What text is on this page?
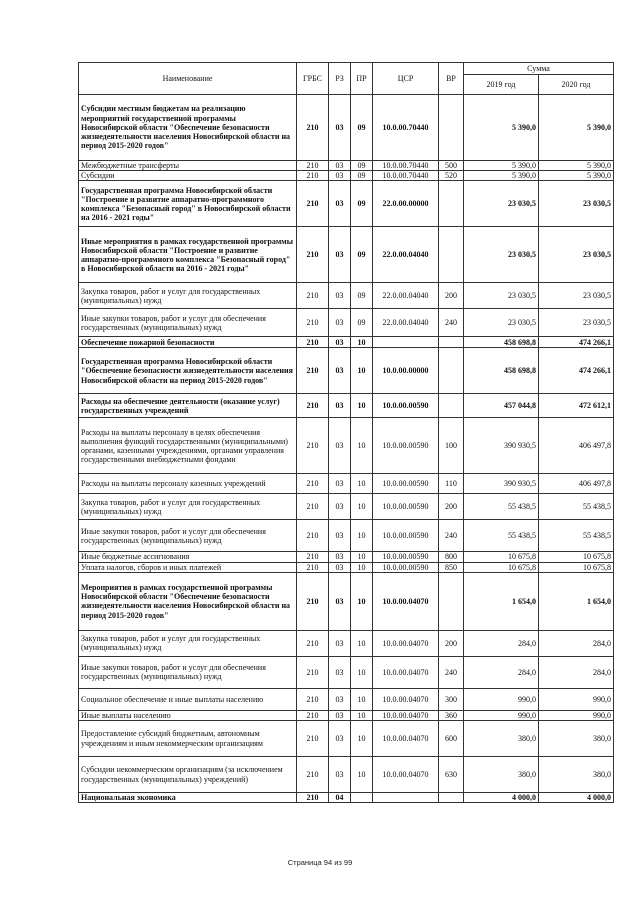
Наименование	ГРБС	РЗ	ПР	ЦСР	ВР	Сумма	
						2019 год	2020 год
Субсидии местным бюджетам на реализацию мероприятий государственной программы Новосибирской области "Обеспечение безопасности жизнедеятельности населения Новосибирской области на период 2015-2020 годов"	210	03	09	10.0.00.70440		5 390,0	5 390,0
Межбюджетные трансферты	210	03	09	10.0.00.70440	500	5 390,0	5 390,0
Субсидии	210	03	09	10.0.00.70440	520	5 390,0	5 390,0
Государственная программа Новосибирской области "Построение и развитие аппаратно-программного комплекса "Безопасный город" в Новосибирской области на 2016 - 2021 годы"	210	03	09	22.0.00.00000		23 030,5	23 030,5
Иные мероприятия в рамках государственной программы Новосибирской области "Построение и развитие аппаратно-программного комплекса "Безопасный город" в Новосибирской области на 2016 - 2021 годы"	210	03	09	22.0.00.04040		23 030,5	23 030,5
Закупка товаров, работ и услуг для государственных (муниципальных) нужд	210	03	09	22.0.00.04040	200	23 030,5	23 030,5
Иные закупки товаров, работ и услуг для обеспечения государственных (муниципальных) нужд	210	03	09	22.0.00.04040	240	23 030,5	23 030,5
Обеспечение пожарной безопасности	210	03	10			458 698,8	474 266,1
Государственная программа Новосибирской области "Обеспечение безопасности жизнедеятельности населения Новосибирской области на период 2015-2020 годов"	210	03	10	10.0.00.00000		458 698,8	474 266,1
Расходы на обеспечение деятельности (оказание услуг) государственных учреждений	210	03	10	10.0.00.00590		457 044,8	472 612,1
Расходы на выплаты персоналу в целях обеспечения выполнения функций государственными (муниципальными) органами, казенными учреждениями, органами управления государственными внебюджетными фондами	210	03	10	10.0.00.00590	100	390 930,5	406 497,8
Расходы на выплаты персоналу казенных учреждений	210	03	10	10.0.00.00590	110	390 930,5	406 497,8
Закупка товаров, работ и услуг для государственных (муниципальных) нужд	210	03	10	10.0.00.00590	200	55 438,5	55 438,5
Иные закупки товаров, работ и услуг для обеспечения государственных (муниципальных) нужд	210	03	10	10.0.00.00590	240	55 438,5	55 438,5
Иные бюджетные ассигнования	210	03	10	10.0.00.00590	800	10 675,8	10 675,8
Уплата налогов, сборов и иных платежей	210	03	10	10.0.00.00590	850	10 675,8	10 675,8
Мероприятия в рамках государственной программы Новосибирской области "Обеспечение безопасности жизнедеятельности населения Новосибирской области на период 2015-2020 годов"	210	03	10	10.0.00.04070		1 654,0	1 654,0
Закупка товаров, работ и услуг для государственных (муниципальных) нужд	210	03	10	10.0.00.04070	200	284,0	284,0
Иные закупки товаров, работ и услуг для обеспечения государственных (муниципальных) нужд	210	03	10	10.0.00.04070	240	284,0	284,0
Социальное обеспечение и иные выплаты населению	210	03	10	10.0.00.04070	300	990,0	990,0
Иные выплаты населению	210	03	10	10.0.00.04070	360	990,0	990,0
Предоставление субсидий бюджетным, автономным учреждениям и иным некоммерческим организациям	210	03	10	10.0.00.04070	600	380,0	380,0
Субсидии некоммерческим организациям (за исключением государственных (муниципальных) учреждений)	210	03	10	10.0.00.04070	630	380,0	380,0
Национальная экономика	210	04				4 000,0	4 000,0
Страница 94 из 99
